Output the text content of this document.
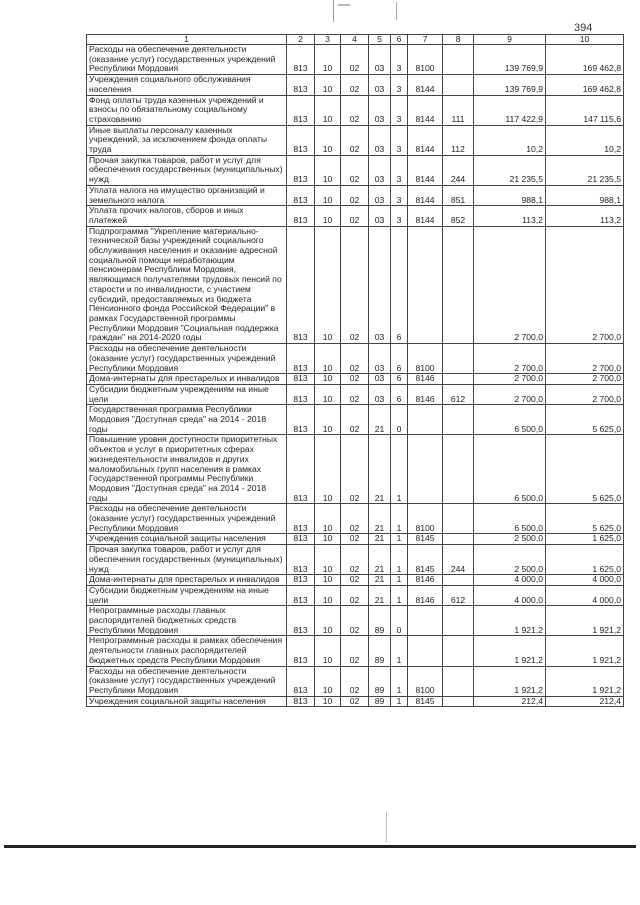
394
1	2	3	4	5	6	7	8	9	10
Расходы на обеспечение деятельности (оказание услуг) государственных учреждений Республики Мордовия	813	10	02	03	3	8100		139 769,9	169 462,8
Учреждения социального обслуживания населения	813	10	02	03	3	8144		139 769,9	169 462,8
Фонд оплаты труда казенных учреждений и взносы по обязательному социальному страхованию	813	10	02	03	3	8144	111	117 422,9	147 115,6
Иные выплаты персоналу казенных учреждений, за исключением фонда оплаты труда	813	10	02	03	3	8144	112	10,2	10,2
Прочая закупка товаров, работ и услуг для обеспечения государственных (муниципальных) нужд	813	10	02	03	3	8144	244	21 235,5	21 235,5
Уплата налога на имущество организаций и земельного налога	813	10	02	03	3	8144	851	988,1	988,1
Уплата прочих налогов, сборов и иных платежей	813	10	02	03	3	8144	852	113,2	113,2
Подпрограмма "Укрепление материально-технической базы учреждений социального обслуживания населения и оказание адресной социальной помощи неработающим пенсионерам Республики Мордовия, являющимся получателями трудовых пенсий по старости и по инвалидности, с участием субсидий, предоставляемых из бюджета Пенсионного фонда Российской Федерации" в рамках Государственной программы Республики Мордовия "Социальная поддержка граждан" на 2014-2020 годы	813	10	02	03	6			2 700,0	2 700,0
Расходы на обеспечение деятельности (оказание услуг) государственных учреждений Республики Мордовия	813	10	02	03	6	8100		2 700,0	2 700,0
Дома-интернаты для престарелых и инвалидов	813	10	02	03	6	8146		2 700,0	2 700,0
Субсидии бюджетным учреждениям на иные цели	813	10	02	03	6	8146	612	2 700,0	2 700,0
Государственная программа Республики Мордовия "Доступная среда" на 2014 - 2018 годы	813	10	02	21	0			6 500,0	5 625,0
Повышение уровня доступности приоритетных объектов и услуг в приоритетных сферах жизнедеятельности инвалидов и других маломобильных групп населения в рамках Государственной программы Республики Мордовия "Доступная среда" на 2014 - 2018 годы	813	10	02	21	1			6 500,0	5 625,0
Расходы на обеспечение деятельности (оказание услуг) государственных учреждений Республики Мордовия	813	10	02	21	1	8100		6 500,0	5 625,0
Учреждения социальной защиты населения	813	10	02	21	1	8145		2 500,0	1 625,0
Прочая закупка товаров, работ и услуг для обеспечения государственных (муниципальных) нужд	813	10	02	21	1	8145	244	2 500,0	1 625,0
Дома-интернаты для престарелых и инвалидов	813	10	02	21	1	8146		4 000,0	4 000,0
Субсидии бюджетным учреждениям на иные цели	813	10	02	21	1	8146	612	4 000,0	4 000,0
Непрограммные расходы главных распорядителей бюджетных средств Республики Мордовия	813	10	02	89	0			1 921,2	1 921,2
Непрограммные расходы в рамках обеспечения деятельности главных распорядителей бюджетных средств Республики Мордовия	813	10	02	89	1			1 921,2	1 921,2
Расходы на обеспечение деятельности (оказание услуг) государственных учреждений Республики Мордовия	813	10	02	89	1	8100		1 921,2	1 921,2
Учреждения социальной защиты населения	813	10	02	89	1	8145		212,4	212,4
